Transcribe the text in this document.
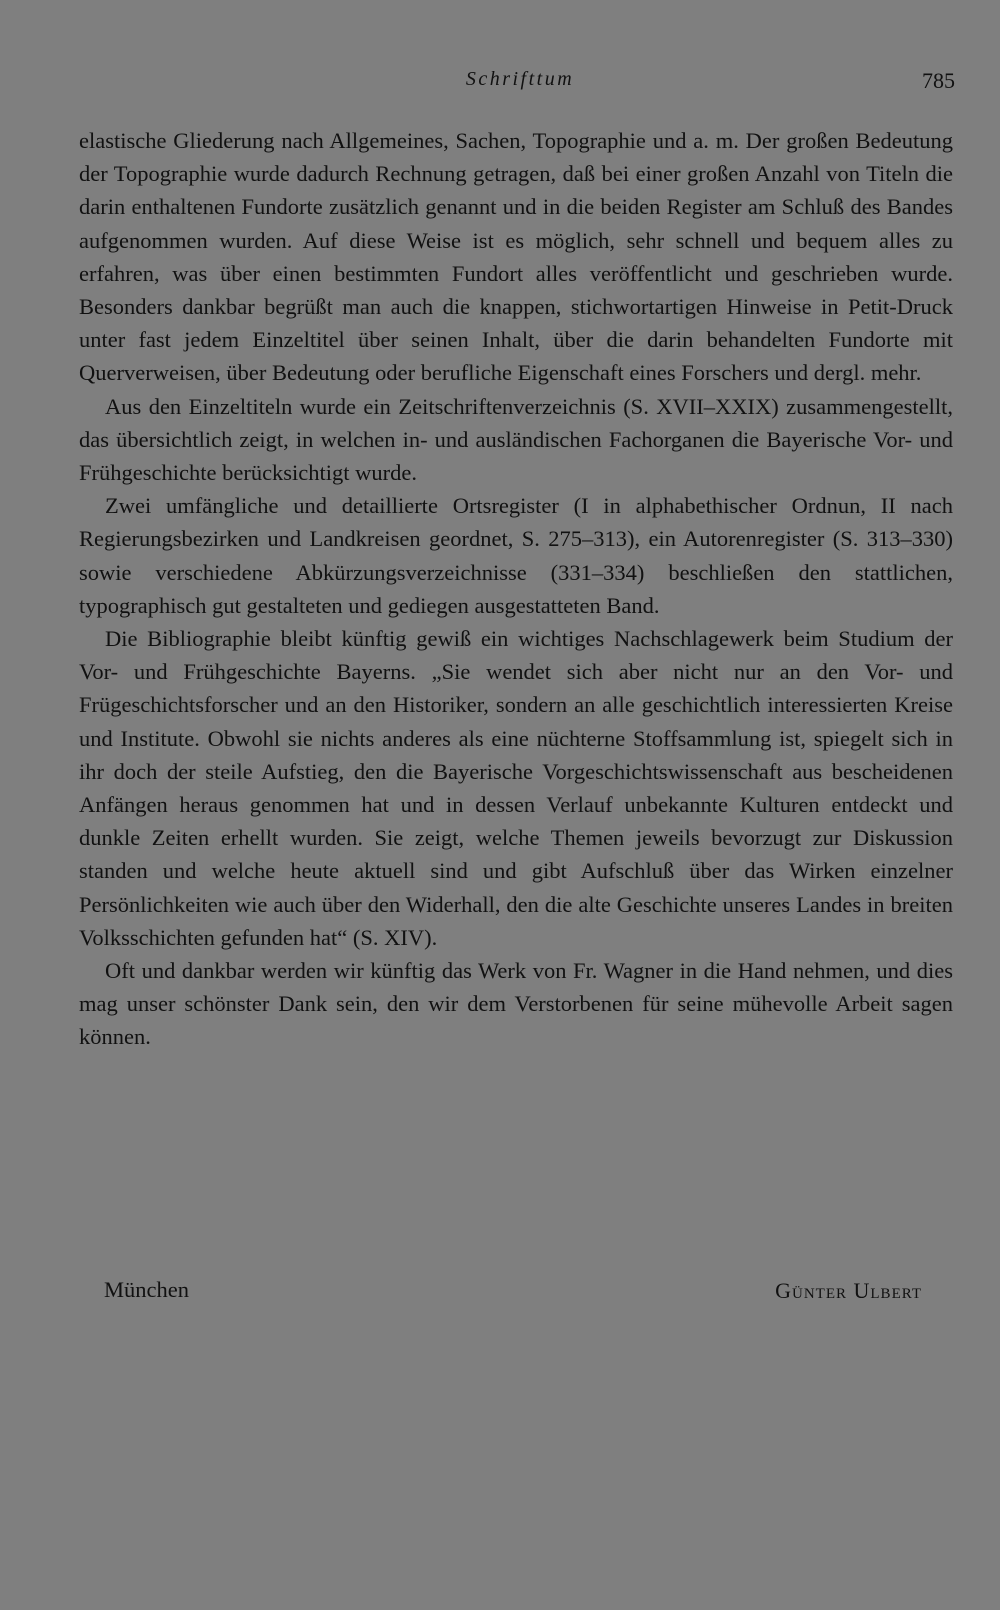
Schrifttum	785

elastische Gliederung nach Allgemeines, Sachen, Topographie und a. m. Der großen Bedeutung der Topographie wurde dadurch Rechnung getragen, daß bei einer großen Anzahl von Titeln die darin enthaltenen Fundorte zusätzlich genannt und in die beiden Register am Schluß des Bandes aufgenommen wurden. Auf diese Weise ist es möglich, sehr schnell und bequem alles zu erfahren, was über einen bestimmten Fundort alles veröffentlicht und geschrieben wurde. Besonders dankbar begrüßt man auch die knappen, stichwortartigen Hinweise in Petit-Druck unter fast jedem Einzeltitel über seinen Inhalt, über die darin behandelten Fundorte mit Querverweisen, über Bedeutung oder berufliche Eigenschaft eines Forschers und dergl. mehr.

Aus den Einzeltiteln wurde ein Zeitschriftenverzeichnis (S. XVII–XXIX) zusammengestellt, das übersichtlich zeigt, in welchen in- und ausländischen Fachorganen die Bayerische Vor- und Frühgeschichte berücksichtigt wurde.

Zwei umfängliche und detaillierte Ortsregister (I in alphabethischer Ordnun, II nach Regierungsbezirken und Landkreisen geordnet, S. 275–313), ein Autorenregister (S. 313–330) sowie verschiedene Abkürzungsverzeichnisse (331–334) beschließen den stattlichen, typographisch gut gestalteten und gediegen ausgestatteten Band.

Die Bibliographie bleibt künftig gewiß ein wichtiges Nachschlagewerk beim Studium der Vor- und Frühgeschichte Bayerns. „Sie wendet sich aber nicht nur an den Vor- und Frügeschichtsforscher und an den Historiker, sondern an alle geschichtlich interessierten Kreise und Institute. Obwohl sie nichts anderes als eine nüchterne Stoffsammlung ist, spiegelt sich in ihr doch der steile Aufstieg, den die Bayerische Vorgeschichtswissenschaft aus bescheidenen Anfängen heraus genommen hat und in dessen Verlauf unbekannte Kulturen entdeckt und dunkle Zeiten erhellt wurden. Sie zeigt, welche Themen jeweils bevorzugt zur Diskussion standen und welche heute aktuell sind und gibt Aufschluß über das Wirken einzelner Persönlichkeiten wie auch über den Widerhall, den die alte Geschichte unseres Landes in breiten Volksschichten gefunden hat“ (S. XIV).

Oft und dankbar werden wir künftig das Werk von Fr. Wagner in die Hand nehmen, und dies mag unser schönster Dank sein, den wir dem Verstorbenen für seine mühevolle Arbeit sagen können.

München	Günter Ulbert
